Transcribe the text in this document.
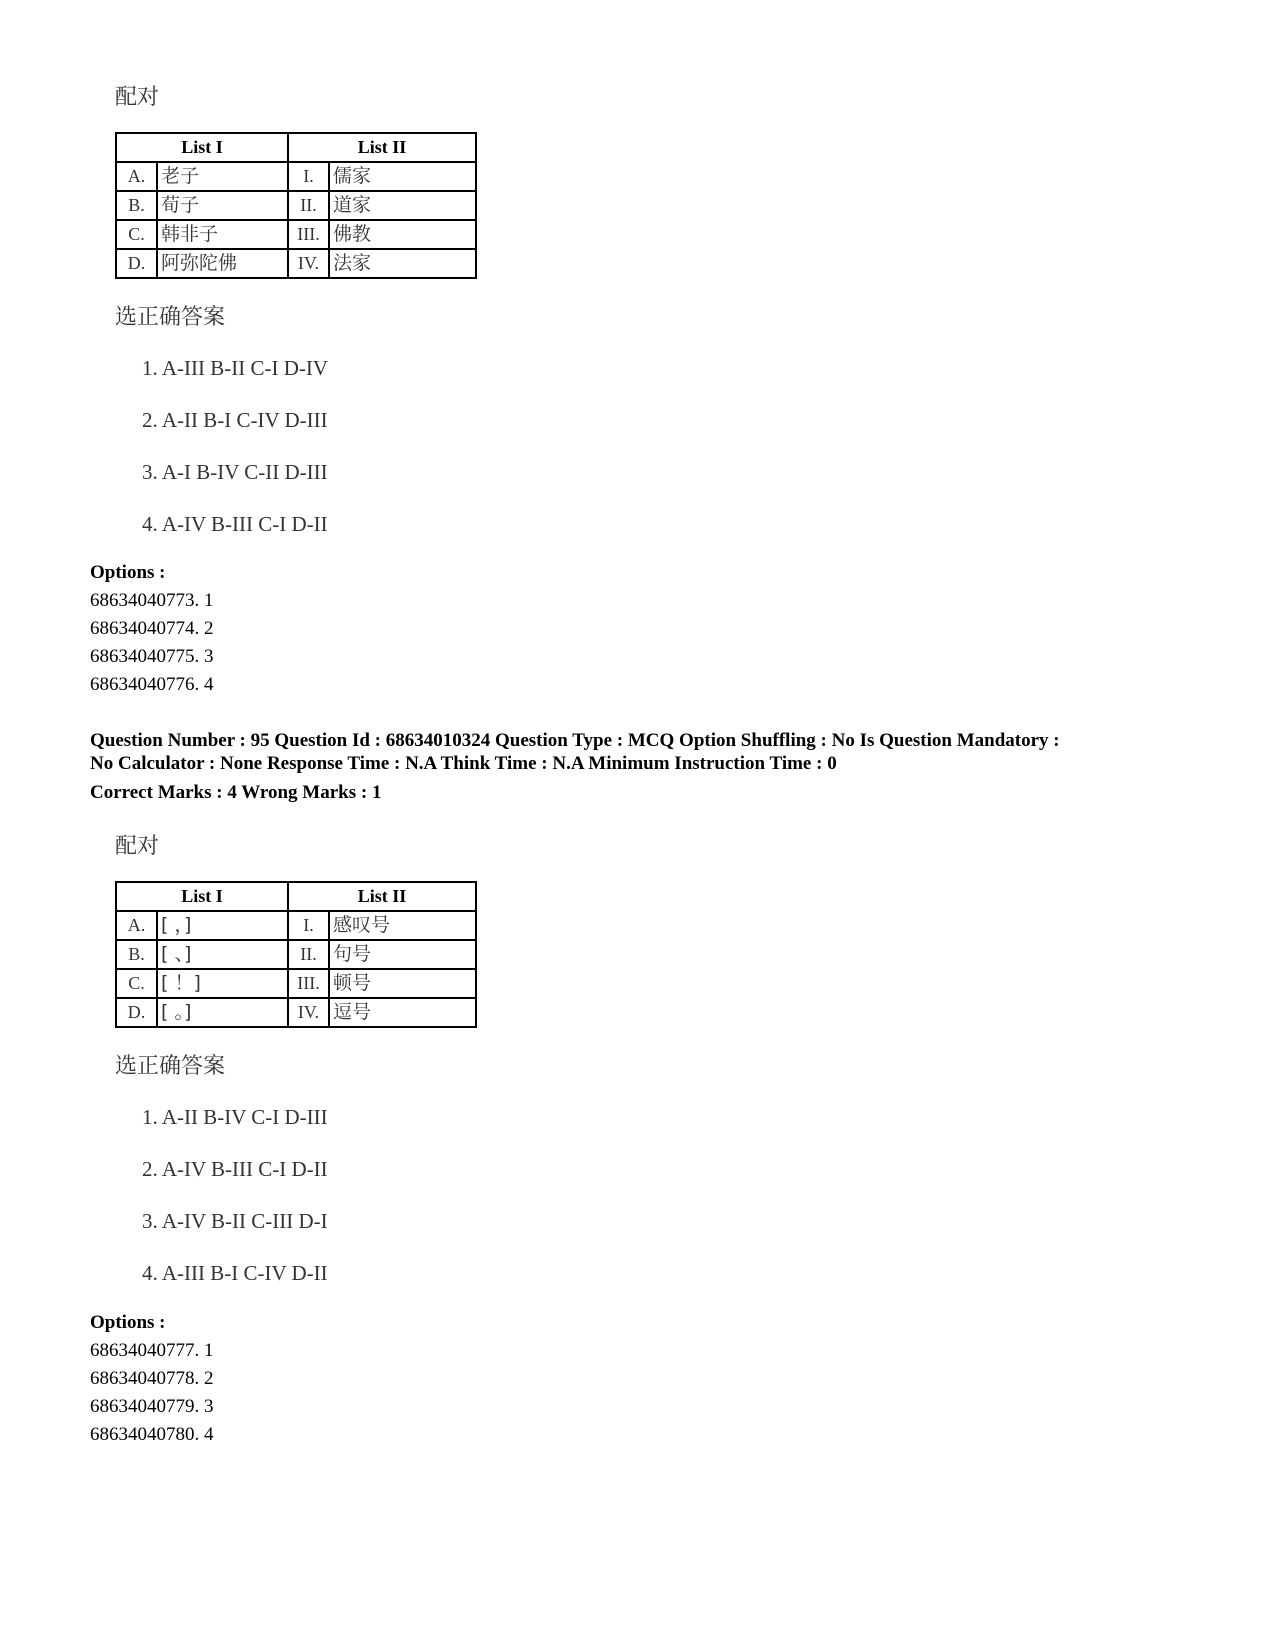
配对
List I		List II	
A.	老子	I.	儒家
B.	荀子	II.	道家
C.	韩非子	III.	佛教
D.	阿弥陀佛	IV.	法家
选正确答案
1. A-III B-II C-I D-IV
2. A-II B-I C-IV D-III
3. A-I B-IV C-II D-III
4. A-IV B-III C-I D-II
Options :
68634040773. 1
68634040774. 2
68634040775. 3
68634040776. 4
Question Number : 95 Question Id : 68634010324 Question Type : MCQ Option Shuffling : No Is Question Mandatory :
No Calculator : None Response Time : N.A Think Time : N.A Minimum Instruction Time : 0
Correct Marks : 4 Wrong Marks : 1
配对
List I		List II	
A.	[ ，]	I.	感叹号
B.	[ 、]	II.	句号
C.	[ ！]	III.	顿号
D.	[ 。]	IV.	逗号
选正确答案
1. A-II B-IV C-I D-III
2. A-IV B-III C-I D-II
3. A-IV B-II C-III D-I
4. A-III B-I C-IV D-II
Options :
68634040777. 1
68634040778. 2
68634040779. 3
68634040780. 4
